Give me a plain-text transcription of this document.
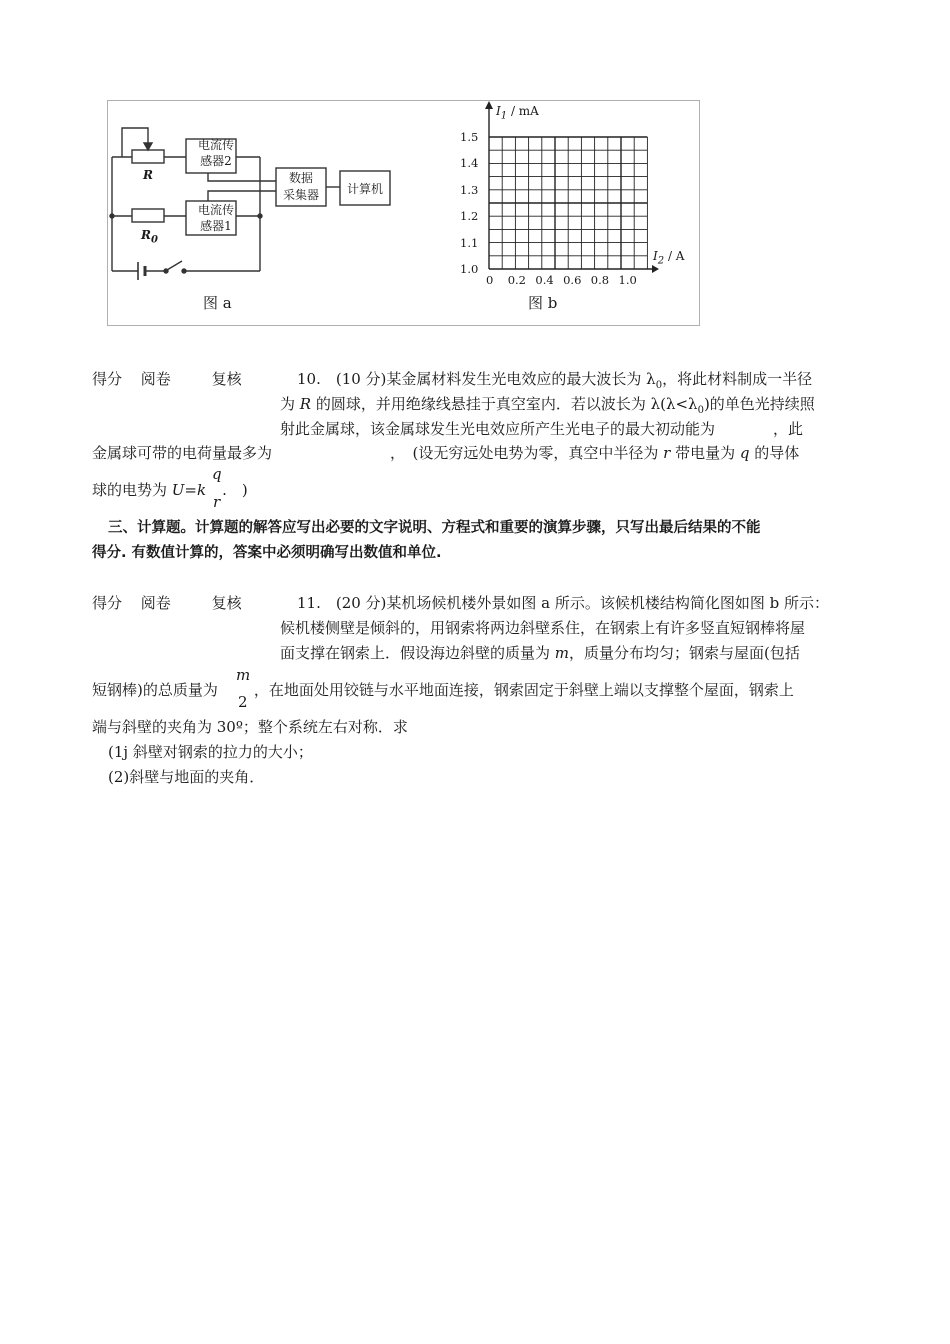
电流传
感器2
电流传
感器1
数据
采集器	计算机
R
$R_0$
图 a
$I_1$ / mA
$I_2$ / A
1.5
1.4
1.3
1.2
1.1
1.0
0 0.2 0.4 0.6 0.8 1.0
图 b
得分 阅卷	复核	10.　(10 分)某金属材料发生光电效应的最大波长为 $\lambda_0$，将此材料制成一半径
为 R 的圆球，并用绝缘线悬挂于真空室内．若以波长为 $\lambda(\lambda<\lambda_0)$的单色光持续照
射此金属球，该金属球发生光电效应所产生光电子的最大初动能为	，此
金属球可带的电荷量最多为	，　(设无穷远处电势为零，真空中半径为 r 带电量为 q 的导体
球的电势为 U=k .　)
q
r
三、计算题。计算题的解答应写出必要的文字说明、方程式和重要的演算步骤，只写出最后结果的不能
得分. 有数值计算的，答案中必须明确写出数值和单位.
得分 阅卷	复核	11.　(20 分)某机场候机楼外景如图 a 所示。该候机楼结构简化图如图 b 所示：
候机楼侧壁是倾斜的，用钢索将两边斜壁系住，在钢索上有许多竖直短钢棒将屋
面支撑在钢索上．假设海边斜壁的质量为 m，质量分布均匀；钢索与屋面(包括
短钢棒)的总质量为 ，在地面处用铰链与水平地面连接，钢索固定于斜壁上端以支撑整个屋面，钢索上
m
2
端与斜壁的夹角为 30º；整个系统左右对称．求
(1j 斜壁对钢索的拉力的大小；
(2)斜壁与地面的夹角．
